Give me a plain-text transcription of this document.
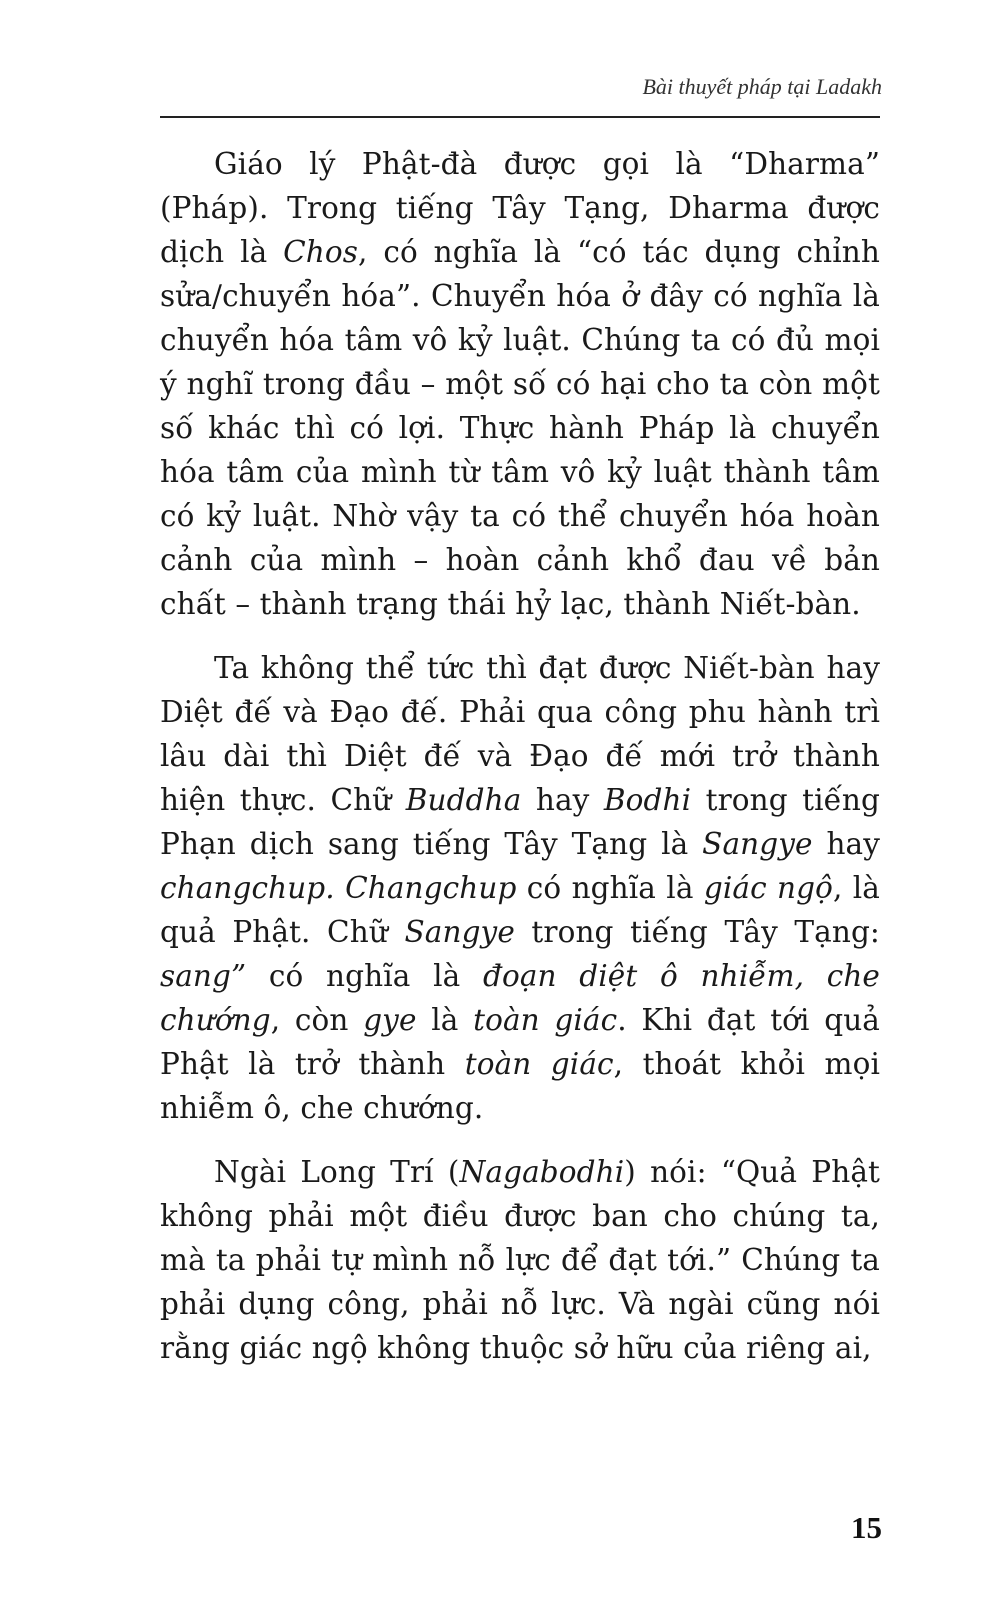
Bài thuyết pháp tại Ladakh

Giáo lý Phật-đà được gọi là “Dharma” (Pháp). Trong tiếng Tây Tạng, Dharma được dịch là Chos, có nghĩa là “có tác dụng chỉnh sửa/chuyển hóa”. Chuyển hóa ở đây có nghĩa là chuyển hóa tâm vô kỷ luật. Chúng ta có đủ mọi ý nghĩ trong đầu – một số có hại cho ta còn một số khác thì có lợi. Thực hành Pháp là chuyển hóa tâm của mình từ tâm vô kỷ luật thành tâm có kỷ luật. Nhờ vậy ta có thể chuyển hóa hoàn cảnh của mình – hoàn cảnh khổ đau về bản chất – thành trạng thái hỷ lạc, thành Niết-bàn.

Ta không thể tức thì đạt được Niết-bàn hay Diệt đế và Đạo đế. Phải qua công phu hành trì lâu dài thì Diệt đế và Đạo đế mới trở thành hiện thực. Chữ Buddha hay Bodhi trong tiếng Phạn dịch sang tiếng Tây Tạng là Sangye hay changchup. Changchup có nghĩa là giác ngộ, là quả Phật. Chữ Sangye trong tiếng Tây Tạng: sang” có nghĩa là đoạn diệt ô nhiễm, che chướng, còn gye là toàn giác. Khi đạt tới quả Phật là trở thành toàn giác, thoát khỏi mọi nhiễm ô, che chướng.

Ngài Long Trí (Nagabodhi) nói: “Quả Phật không phải một điều được ban cho chúng ta, mà ta phải tự mình nỗ lực để đạt tới.” Chúng ta phải dụng công, phải nỗ lực. Và ngài cũng nói rằng giác ngộ không thuộc sở hữu của riêng ai,

15
